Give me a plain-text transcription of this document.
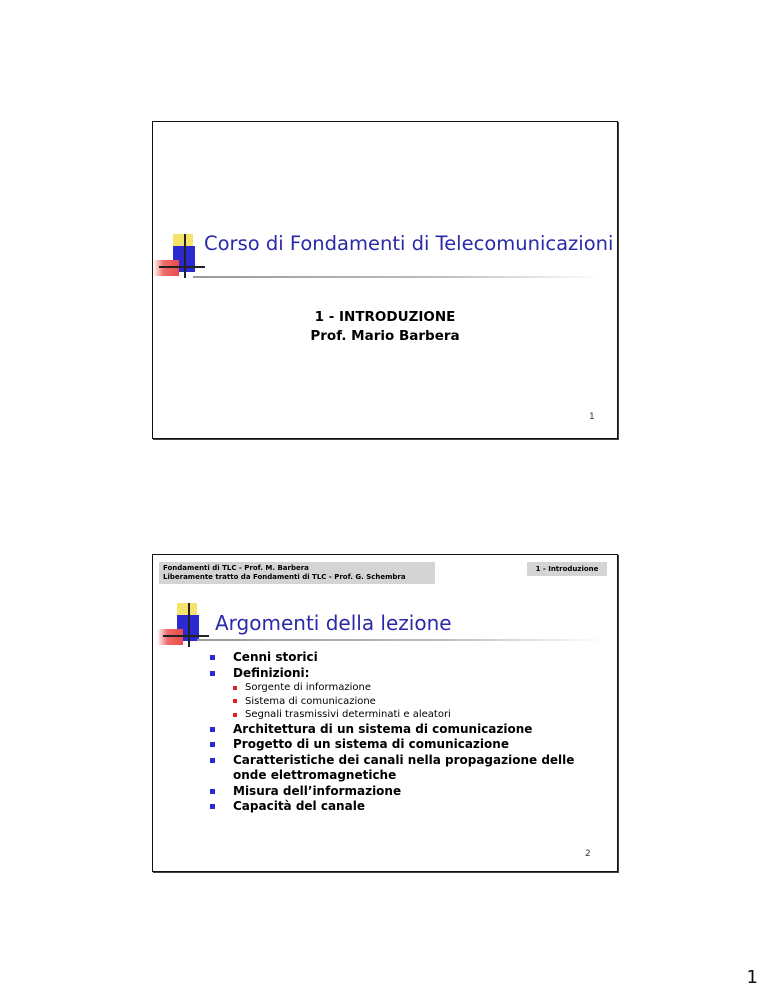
Corso di Fondamenti di Telecomunicazioni
1 - INTRODUZIONE
Prof. Mario Barbera
1
Fondamenti di TLC - Prof. M. Barbera
Liberamente tratto da Fondamenti di TLC - Prof. G. Schembra
1 - Introduzione
Argomenti della lezione
Cenni storici
Definizioni:
Sorgente di informazione
Sistema di comunicazione
Segnali trasmissivi determinati e aleatori
Architettura di un sistema di comunicazione
Progetto di un sistema di comunicazione
Caratteristiche dei canali nella propagazione delle onde elettromagnetiche
Misura dell’informazione
Capacità del canale
2
1
